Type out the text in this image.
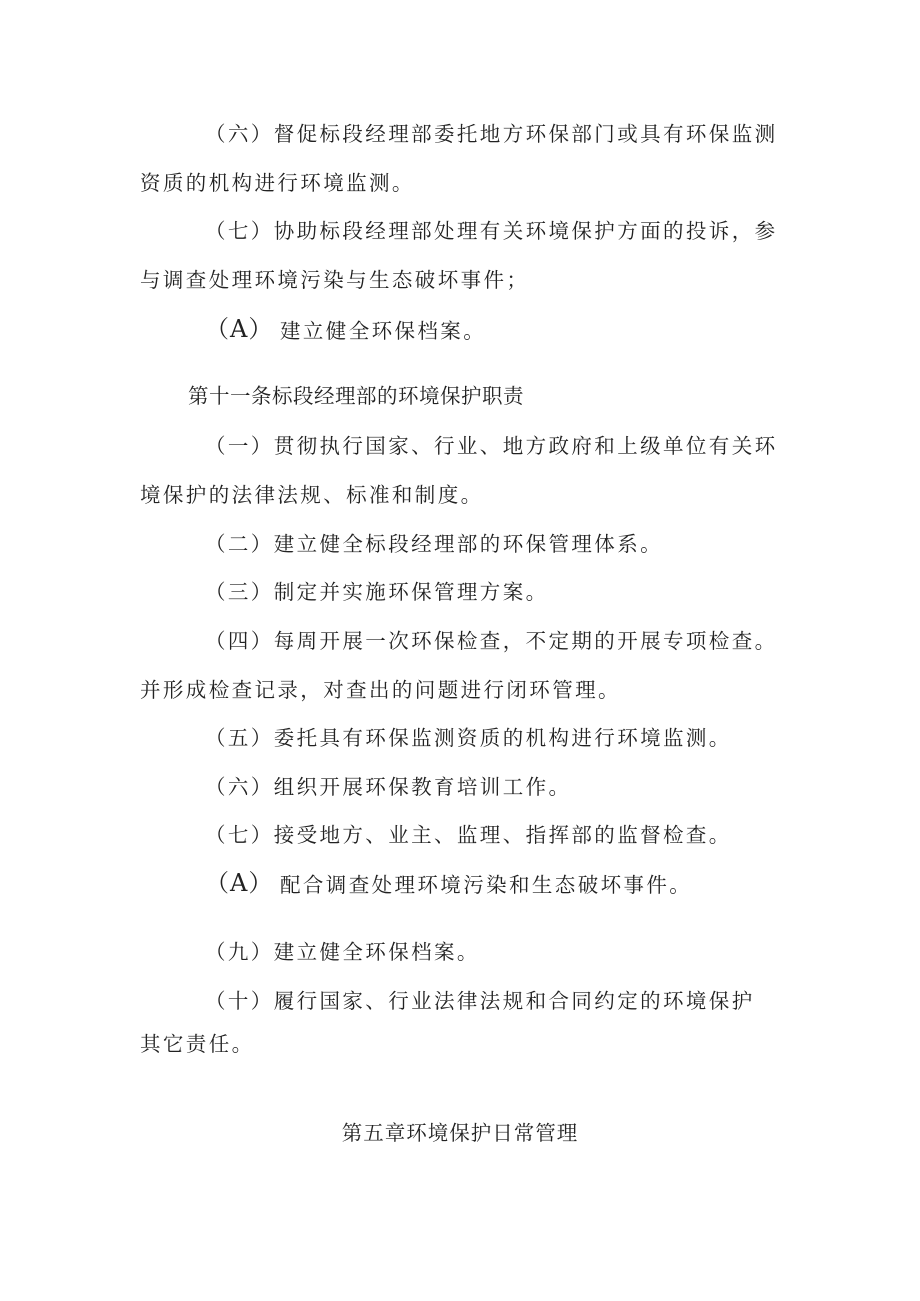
（六）督促标段经理部委托地方环保部门或具有环保监测
资质的机构进行环境监测。
（七）协助标段经理部处理有关环境保护方面的投诉，参
与调查处理环境污染与生态破坏事件；
（A） 建立健全环保档案。
第十一条标段经理部的环境保护职责
（一）贯彻执行国家、行业、地方政府和上级单位有关环
境保护的法律法规、标准和制度。
（二）建立健全标段经理部的环保管理体系。
（三）制定并实施环保管理方案。
（四）每周开展一次环保检查，不定期的开展专项检查。
并形成检查记录，对查出的问题进行闭环管理。
（五）委托具有环保监测资质的机构进行环境监测。
（六）组织开展环保教育培训工作。
（七）接受地方、业主、监理、指挥部的监督检查。
（A） 配合调查处理环境污染和生态破坏事件。
（九）建立健全环保档案。
（十）履行国家、行业法律法规和合同约定的环境保护
其它责任。
第五章环境保护日常管理
